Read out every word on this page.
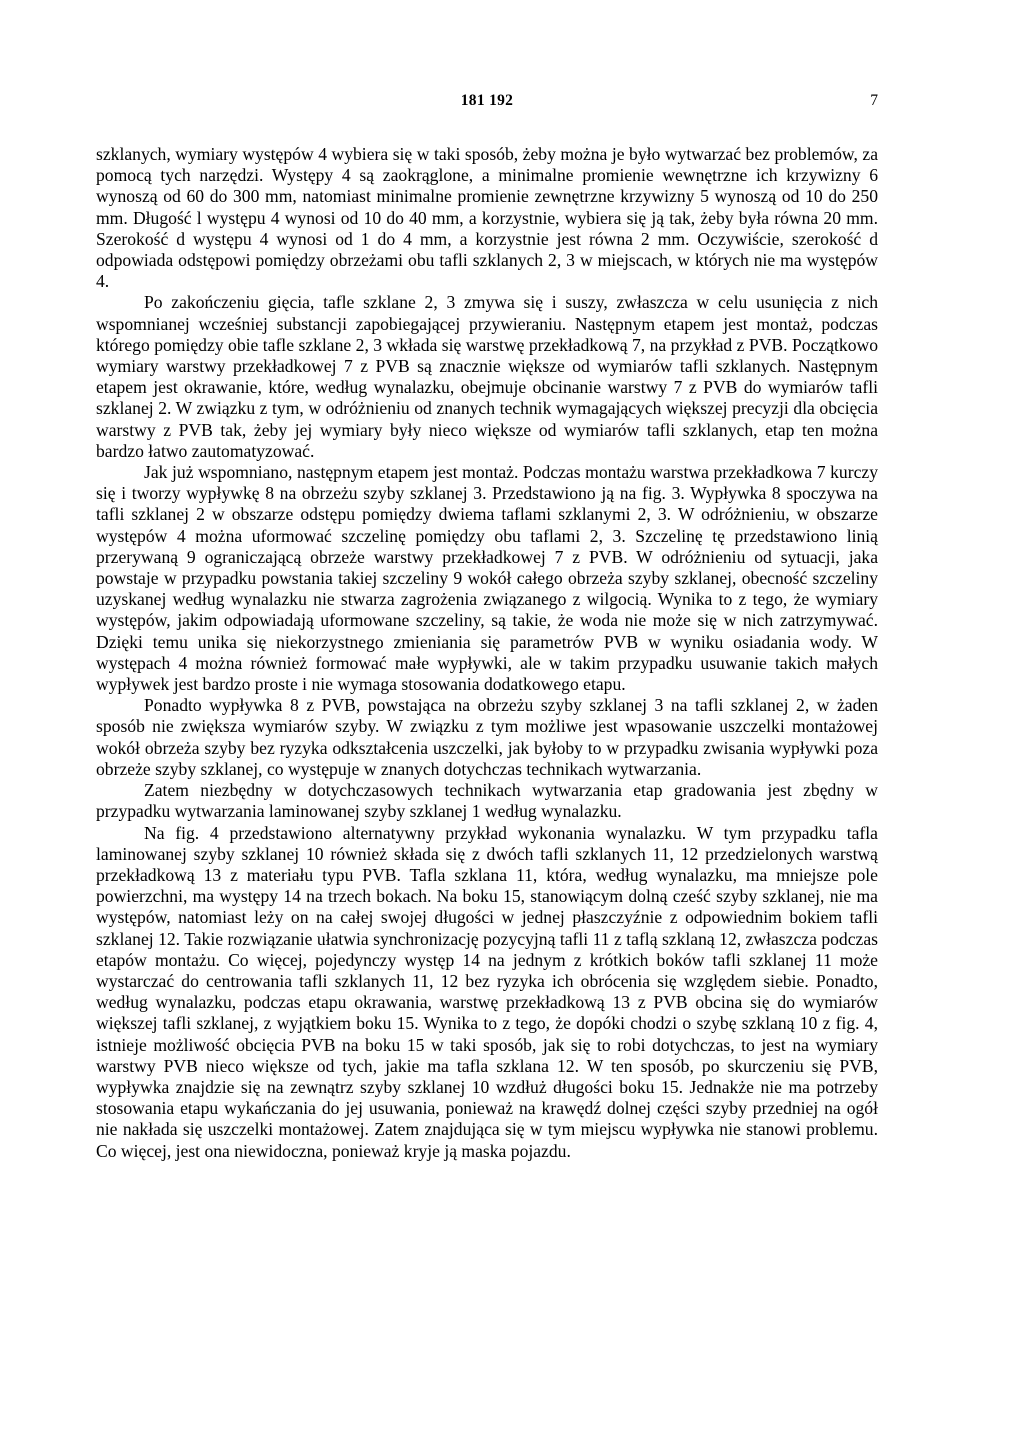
181 192	7

szklanych, wymiary występów 4 wybiera się w taki sposób, żeby można je było wytwarzać bez problemów, za pomocą tych narzędzi. Występy 4 są zaokrąglone, a minimalne promienie wewnętrzne ich krzywizny 6 wynoszą od 60 do 300 mm, natomiast minimalne promienie zewnętrzne krzywizny 5 wynoszą od 10 do 250 mm. Długość l występu 4 wynosi od 10 do 40 mm, a korzystnie, wybiera się ją tak, żeby była równa 20 mm. Szerokość d występu 4 wynosi od 1 do 4 mm, a korzystnie jest równa 2 mm. Oczywiście, szerokość d odpowiada odstępowi pomiędzy obrzeżami obu tafli szklanych 2, 3 w miejscach, w których nie ma występów 4.

Po zakończeniu gięcia, tafle szklane 2, 3 zmywa się i suszy, zwłaszcza w celu usunięcia z nich wspomnianej wcześniej substancji zapobiegającej przywieraniu. Następnym etapem jest montaż, podczas którego pomiędzy obie tafle szklane 2, 3 wkłada się warstwę przekładkową 7, na przykład z PVB. Początkowo wymiary warstwy przekładkowej 7 z PVB są znacznie większe od wymiarów tafli szklanych. Następnym etapem jest okrawanie, które, według wynalazku, obejmuje obcinanie warstwy 7 z PVB do wymiarów tafli szklanej 2. W związku z tym, w odróżnieniu od znanych technik wymagających większej precyzji dla obcięcia warstwy z PVB tak, żeby jej wymiary były nieco większe od wymiarów tafli szklanych, etap ten można bardzo łatwo zautomatyzować.

Jak już wspomniano, następnym etapem jest montaż. Podczas montażu warstwa przekładkowa 7 kurczy się i tworzy wypływkę 8 na obrzeżu szyby szklanej 3. Przedstawiono ją na fig. 3. Wypływka 8 spoczywa na tafli szklanej 2 w obszarze odstępu pomiędzy dwiema taflami szklanymi 2, 3. W odróżnieniu, w obszarze występów 4 można uformować szczelinę pomiędzy obu taflami 2, 3. Szczelinę tę przedstawiono linią przerywaną 9 ograniczającą obrzeże warstwy przekładkowej 7 z PVB. W odróżnieniu od sytuacji, jaka powstaje w przypadku powstania takiej szczeliny 9 wokół całego obrzeża szyby szklanej, obecność szczeliny uzyskanej według wynalazku nie stwarza zagrożenia związanego z wilgocią. Wynika to z tego, że wymiary występów, jakim odpowiadają uformowane szczeliny, są takie, że woda nie może się w nich zatrzymywać. Dzięki temu unika się niekorzystnego zmieniania się parametrów PVB w wyniku osiadania wody. W występach 4 można również formować małe wypływki, ale w takim przypadku usuwanie takich małych wypływek jest bardzo proste i nie wymaga stosowania dodatkowego etapu.

Ponadto wypływka 8 z PVB, powstająca na obrzeżu szyby szklanej 3 na tafli szklanej 2, w żaden sposób nie zwiększa wymiarów szyby. W związku z tym możliwe jest wpasowanie uszczelki montażowej wokół obrzeża szyby bez ryzyka odkształcenia uszczelki, jak byłoby to w przypadku zwisania wypływki poza obrzeże szyby szklanej, co występuje w znanych dotychczas technikach wytwarzania.

Zatem niezbędny w dotychczasowych technikach wytwarzania etap gradowania jest zbędny w przypadku wytwarzania laminowanej szyby szklanej 1 według wynalazku.

Na fig. 4 przedstawiono alternatywny przykład wykonania wynalazku. W tym przypadku tafla laminowanej szyby szklanej 10 również składa się z dwóch tafli szklanych 11, 12 przedzielonych warstwą przekładkową 13 z materiału typu PVB. Tafla szklana 11, która, według wynalazku, ma mniejsze pole powierzchni, ma występy 14 na trzech bokach. Na boku 15, stanowiącym dolną cześć szyby szklanej, nie ma występów, natomiast leży on na całej swojej długości w jednej płaszczyźnie z odpowiednim bokiem tafli szklanej 12. Takie rozwiązanie ułatwia synchronizację pozycyjną tafli 11 z taflą szklaną 12, zwłaszcza podczas etapów montażu. Co więcej, pojedynczy występ 14 na jednym z krótkich boków tafli szklanej 11 może wystarczać do centrowania tafli szklanych 11, 12 bez ryzyka ich obrócenia się względem siebie. Ponadto, według wynalazku, podczas etapu okrawania, warstwę przekładkową 13 z PVB obcina się do wymiarów większej tafli szklanej, z wyjątkiem boku 15. Wynika to z tego, że dopóki chodzi o szybę szklaną 10 z fig. 4, istnieje możliwość obcięcia PVB na boku 15 w taki sposób, jak się to robi dotychczas, to jest na wymiary warstwy PVB nieco większe od tych, jakie ma tafla szklana 12. W ten sposób, po skurczeniu się PVB, wypływka znajdzie się na zewnątrz szyby szklanej 10 wzdłuż długości boku 15. Jednakże nie ma potrzeby stosowania etapu wykańczania do jej usuwania, ponieważ na krawędź dolnej części szyby przedniej na ogół nie nakłada się uszczelki montażowej. Zatem znajdująca się w tym miejscu wypływka nie stanowi problemu. Co więcej, jest ona niewidoczna, ponieważ kryje ją maska pojazdu.
